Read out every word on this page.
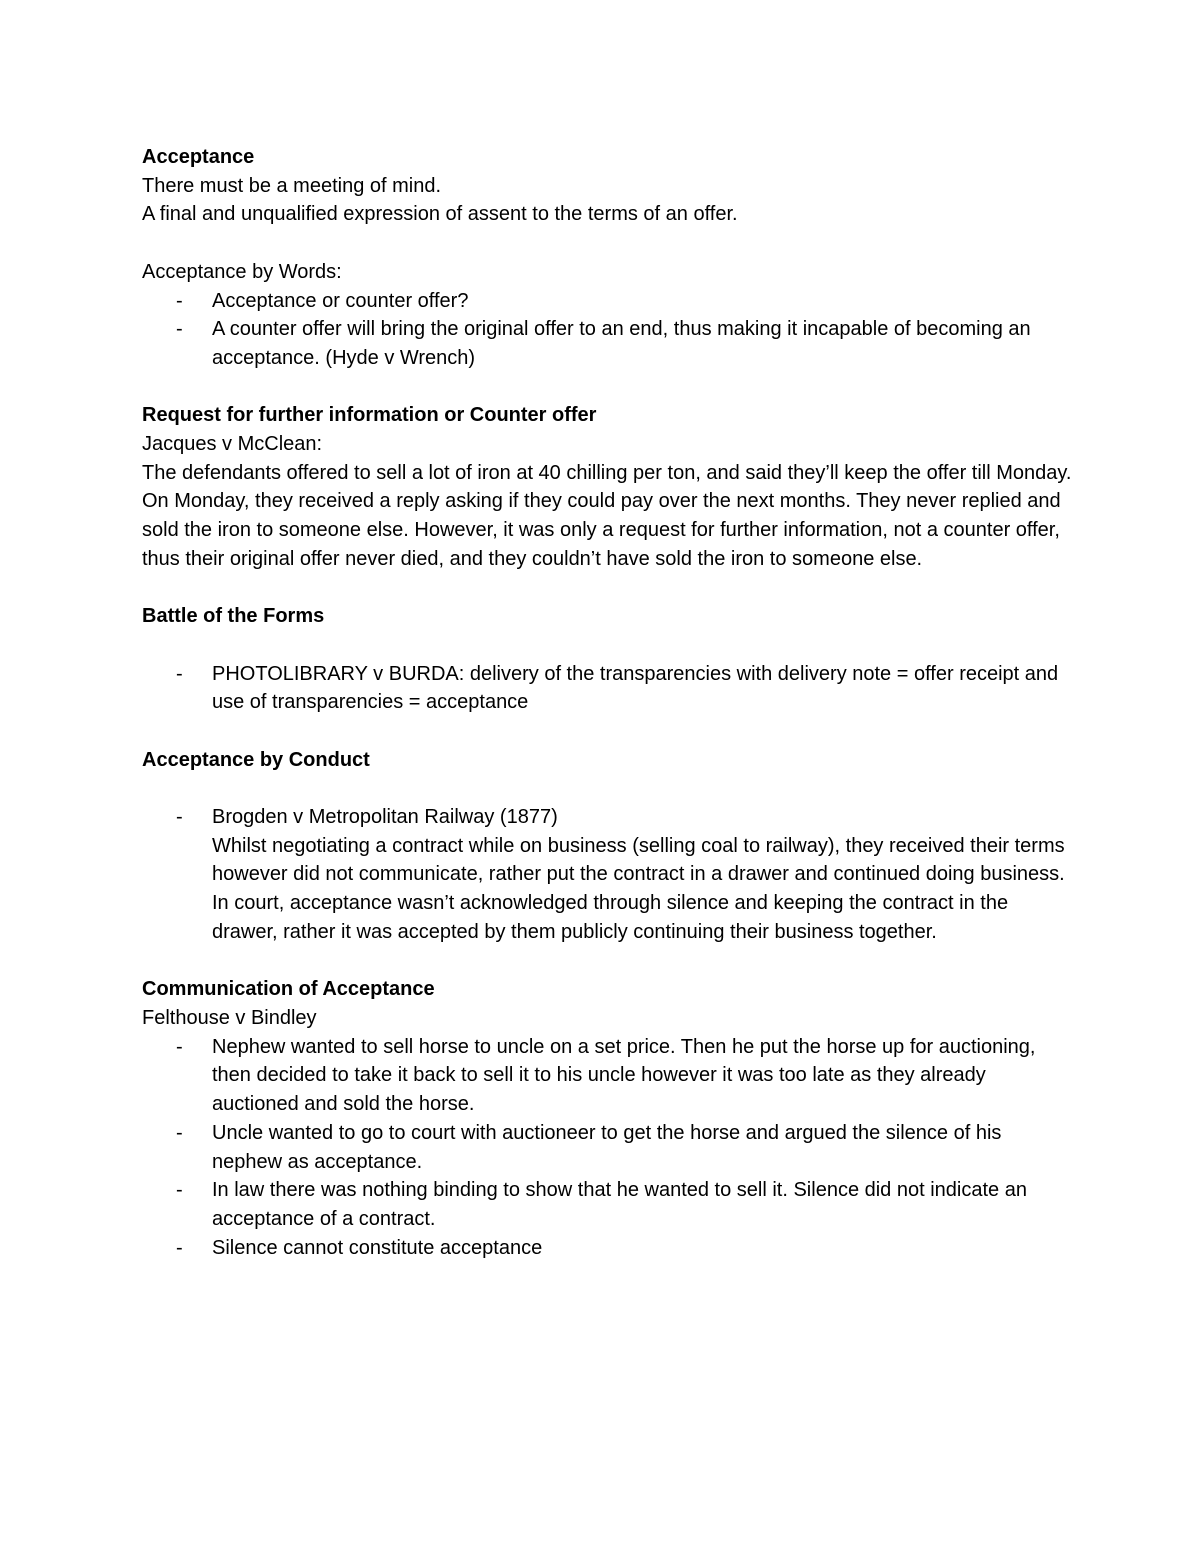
Acceptance
There must be a meeting of mind.
A final and unqualified expression of assent to the terms of an offer.
Acceptance by Words:
- Acceptance or counter offer?
- A counter offer will bring the original offer to an end, thus making it incapable of becoming an acceptance. (Hyde v Wrench)
Request for further information or Counter offer
Jacques v McClean:
The defendants offered to sell a lot of iron at 40 chilling per ton, and said they’ll keep the offer till Monday. On Monday, they received a reply asking if they could pay over the next months. They never replied and sold the iron to someone else. However, it was only a request for further information, not a counter offer, thus their original offer never died, and they couldn’t have sold the iron to someone else.
Battle of the Forms
- PHOTOLIBRARY v BURDA: delivery of the transparencies with delivery note = offer receipt and use of transparencies = acceptance
Acceptance by Conduct
- Brogden v Metropolitan Railway (1877)
Whilst negotiating a contract while on business (selling coal to railway), they received their terms however did not communicate, rather put the contract in a drawer and continued doing business. In court, acceptance wasn’t acknowledged through silence and keeping the contract in the drawer, rather it was accepted by them publicly continuing their business together.
Communication of Acceptance
Felthouse v Bindley
- Nephew wanted to sell horse to uncle on a set price. Then he put the horse up for auctioning, then decided to take it back to sell it to his uncle however it was too late as they already auctioned and sold the horse.
- Uncle wanted to go to court with auctioneer to get the horse and argued the silence of his nephew as acceptance.
- In law there was nothing binding to show that he wanted to sell it. Silence did not indicate an acceptance of a contract.
- Silence cannot constitute acceptance
